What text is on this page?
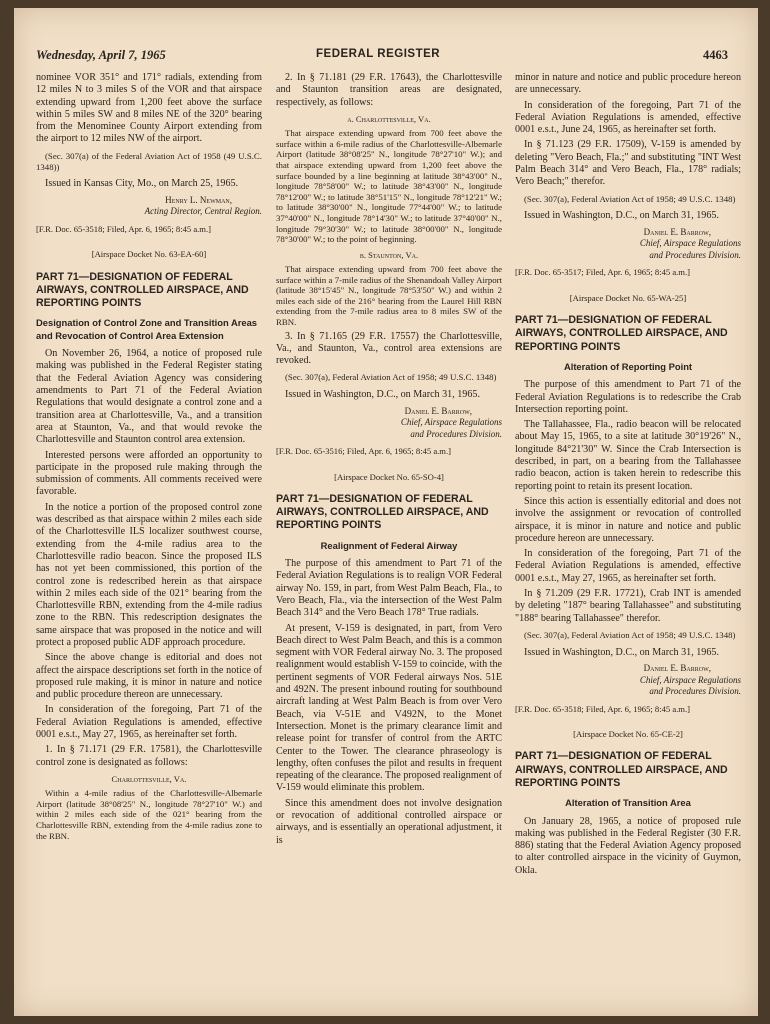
Wednesday, April 7, 1965	FEDERAL REGISTER	4463

nominee VOR 351° and 171° radials, extending from 12 miles N to 3 miles S of the VOR and that airspace extending upward from 1,200 feet above the surface within 5 miles SW and 8 miles NE of the 320° bearing from the Menominee County Airport extending from the airport to 12 miles NW of the airport.

(Sec. 307(a) of the Federal Aviation Act of 1958 (49 U.S.C. 1348))

Issued in Kansas City, Mo., on March 25, 1965.

Henry L. Newman,
Acting Director, Central Region.

[F.R. Doc. 65-3518; Filed, Apr. 6, 1965; 8:45 a.m.]

[Airspace Docket No. 63-EA-60]
PART 71—DESIGNATION OF FEDERAL AIRWAYS, CONTROLLED AIRSPACE, AND REPORTING POINTS
Designation of Control Zone and Transition Areas and Revocation of Control Area Extension

On November 26, 1964, a notice of proposed rule making was published in the Federal Register stating that the Federal Aviation Agency was considering amendments to Part 71 of the Federal Aviation Regulations that would designate a control zone and a transition area at Charlottesville, Va., and a transition area at Staunton, Va., and that would revoke the Charlottesville and Staunton control area extension.

Interested persons were afforded an opportunity to participate in the proposed rule making through the submission of comments. All comments received were favorable.

In the notice a portion of the proposed control zone was described as that airspace within 2 miles each side of the Charlottesville ILS localizer southwest course, extending from the 4-mile radius area to the Charlottesville radio beacon. Since the proposed ILS has not yet been commissioned, this portion of the control zone is redescribed herein as that airspace within 2 miles each side of the 021° bearing from the Charlottesville RBN, extending from the 4-mile radius zone to the RBN. This redescription designates the same airspace that was proposed in the notice and will protect a proposed public ADF approach procedure.

Since the above change is editorial and does not affect the airspace descriptions set forth in the notice of proposed rule making, it is minor in nature and notice and public procedure thereon are unnecessary.

In consideration of the foregoing, Part 71 of the Federal Aviation Regulations is amended, effective 0001 e.s.t., May 27, 1965, as hereinafter set forth.

1. In § 71.171 (29 F.R. 17581), the Charlottesville control zone is designated as follows:

Charlottesville, Va.

Within a 4-mile radius of the Charlottesville-Albemarle Airport (latitude 38°08'25" N., longitude 78°27'10" W.) and within 2 miles each side of the 021° bearing from the Charlottesville RBN, extending from the 4-mile radius zone to the RBN.

2. In § 71.181 (29 F.R. 17643), the Charlottesville and Staunton transition areas are designated, respectively, as follows:

a. Charlottesville, Va.

That airspace extending upward from 700 feet above the surface within a 6-mile radius of the Charlottesville-Albemarle Airport (latitude 38°08'25" N., longitude 78°27'10" W.); and that airspace extending upward from 1,200 feet above the surface bounded by a line beginning at latitude 38°43'00" N., longitude 78°58'00" W.; to latitude 38°43'00" N., longitude 78°12'00" W.; to latitude 38°51'15" N., longitude 78°12'21" W.; to latitude 38°30'00" N., longitude 77°44'00" W.; to latitude 37°40'00" N., longitude 78°14'30" W.; to latitude 37°40'00" N., longitude 79°30'30" W.; to latitude 38°00'00" N., longitude 78°30'00" W.; to the point of beginning.

b. Staunton, Va.

That airspace extending upward from 700 feet above the surface within a 7-mile radius of the Shenandoah Valley Airport (latitude 38°15'45" N., longitude 78°53'50" W.) and within 2 miles each side of the 216° bearing from the Laurel Hill RBN extending from the 7-mile radius area to 8 miles SW of the RBN.

3. In § 71.165 (29 F.R. 17557) the Charlottesville, Va., and Staunton, Va., control area extensions are revoked.

(Sec. 307(a), Federal Aviation Act of 1958; 49 U.S.C. 1348)

Issued in Washington, D.C., on March 31, 1965.

Daniel E. Barrow,
Chief, Airspace Regulations
and Procedures Division.

[F.R. Doc. 65-3516; Filed, Apr. 6, 1965; 8:45 a.m.]

[Airspace Docket No. 65-SO-4]
PART 71—DESIGNATION OF FEDERAL AIRWAYS, CONTROLLED AIRSPACE, AND REPORTING POINTS
Realignment of Federal Airway

The purpose of this amendment to Part 71 of the Federal Aviation Regulations is to realign VOR Federal airway No. 159, in part, from West Palm Beach, Fla., to Vero Beach, Fla., via the intersection of the West Palm Beach 314° and the Vero Beach 178° True radials.

At present, V-159 is designated, in part, from Vero Beach direct to West Palm Beach, and this is a common segment with VOR Federal airway No. 3. The proposed realignment would establish V-159 to coincide, with the pertinent segments of VOR Federal airways Nos. 51E and 492N. The present inbound routing for southbound aircraft landing at West Palm Beach is from over Vero Beach, via V-51E and V492N, to the Monet Intersection. Monet is the primary clearance limit and release point for transfer of control from the ARTC Center to the Tower. The clearance phraseology is lengthy, often confuses the pilot and results in frequent repeating of the clearance. The proposed realignment of V-159 would eliminate this problem.

Since this amendment does not involve designation or revocation of additional controlled airspace or airways, and is essentially an operational adjustment, it is

minor in nature and notice and public procedure hereon are unnecessary.

In consideration of the foregoing, Part 71 of the Federal Aviation Regulations is amended, effective 0001 e.s.t., June 24, 1965, as hereinafter set forth.

In § 71.123 (29 F.R. 17509), V-159 is amended by deleting "Vero Beach, Fla.;" and substituting "INT West Palm Beach 314° and Vero Beach, Fla., 178° radials; Vero Beach;" therefor.

(Sec. 307(a), Federal Aviation Act of 1958; 49 U.S.C. 1348)

Issued in Washington, D.C., on March 31, 1965.

Daniel E. Barrow,
Chief, Airspace Regulations
and Procedures Division.

[F.R. Doc. 65-3517; Filed, Apr. 6, 1965; 8:45 a.m.]

[Airspace Docket No. 65-WA-25]
PART 71—DESIGNATION OF FEDERAL AIRWAYS, CONTROLLED AIRSPACE, AND REPORTING POINTS
Alteration of Reporting Point

The purpose of this amendment to Part 71 of the Federal Aviation Regulations is to redescribe the Crab Intersection reporting point.

The Tallahassee, Fla., radio beacon will be relocated about May 15, 1965, to a site at latitude 30°19'26" N., longitude 84°21'30" W. Since the Crab Intersection is described, in part, on a bearing from the Tallahassee radio beacon, action is taken herein to redescribe this reporting point to retain its present location.

Since this action is essentially editorial and does not involve the assignment or revocation of controlled airspace, it is minor in nature and notice and public procedure hereon are unnecessary.

In consideration of the foregoing, Part 71 of the Federal Aviation Regulations is amended, effective 0001 e.s.t., May 27, 1965, as hereinafter set forth.

In § 71.209 (29 F.R. 17721), Crab INT is amended by deleting "187° bearing Tallahassee" and substituting "188° bearing Tallahassee" therefor.

(Sec. 307(a), Federal Aviation Act of 1958; 49 U.S.C. 1348)

Issued in Washington, D.C., on March 31, 1965.

Daniel E. Barrow,
Chief, Airspace Regulations
and Procedures Division.

[F.R. Doc. 65-3518; Filed, Apr. 6, 1965; 8:45 a.m.]

[Airspace Docket No. 65-CE-2]
PART 71—DESIGNATION OF FEDERAL AIRWAYS, CONTROLLED AIRSPACE, AND REPORTING POINTS
Alteration of Transition Area

On January 28, 1965, a notice of proposed rule making was published in the Federal Register (30 F.R. 886) stating that the Federal Aviation Agency proposed to alter controlled airspace in the vicinity of Guymon, Okla.
